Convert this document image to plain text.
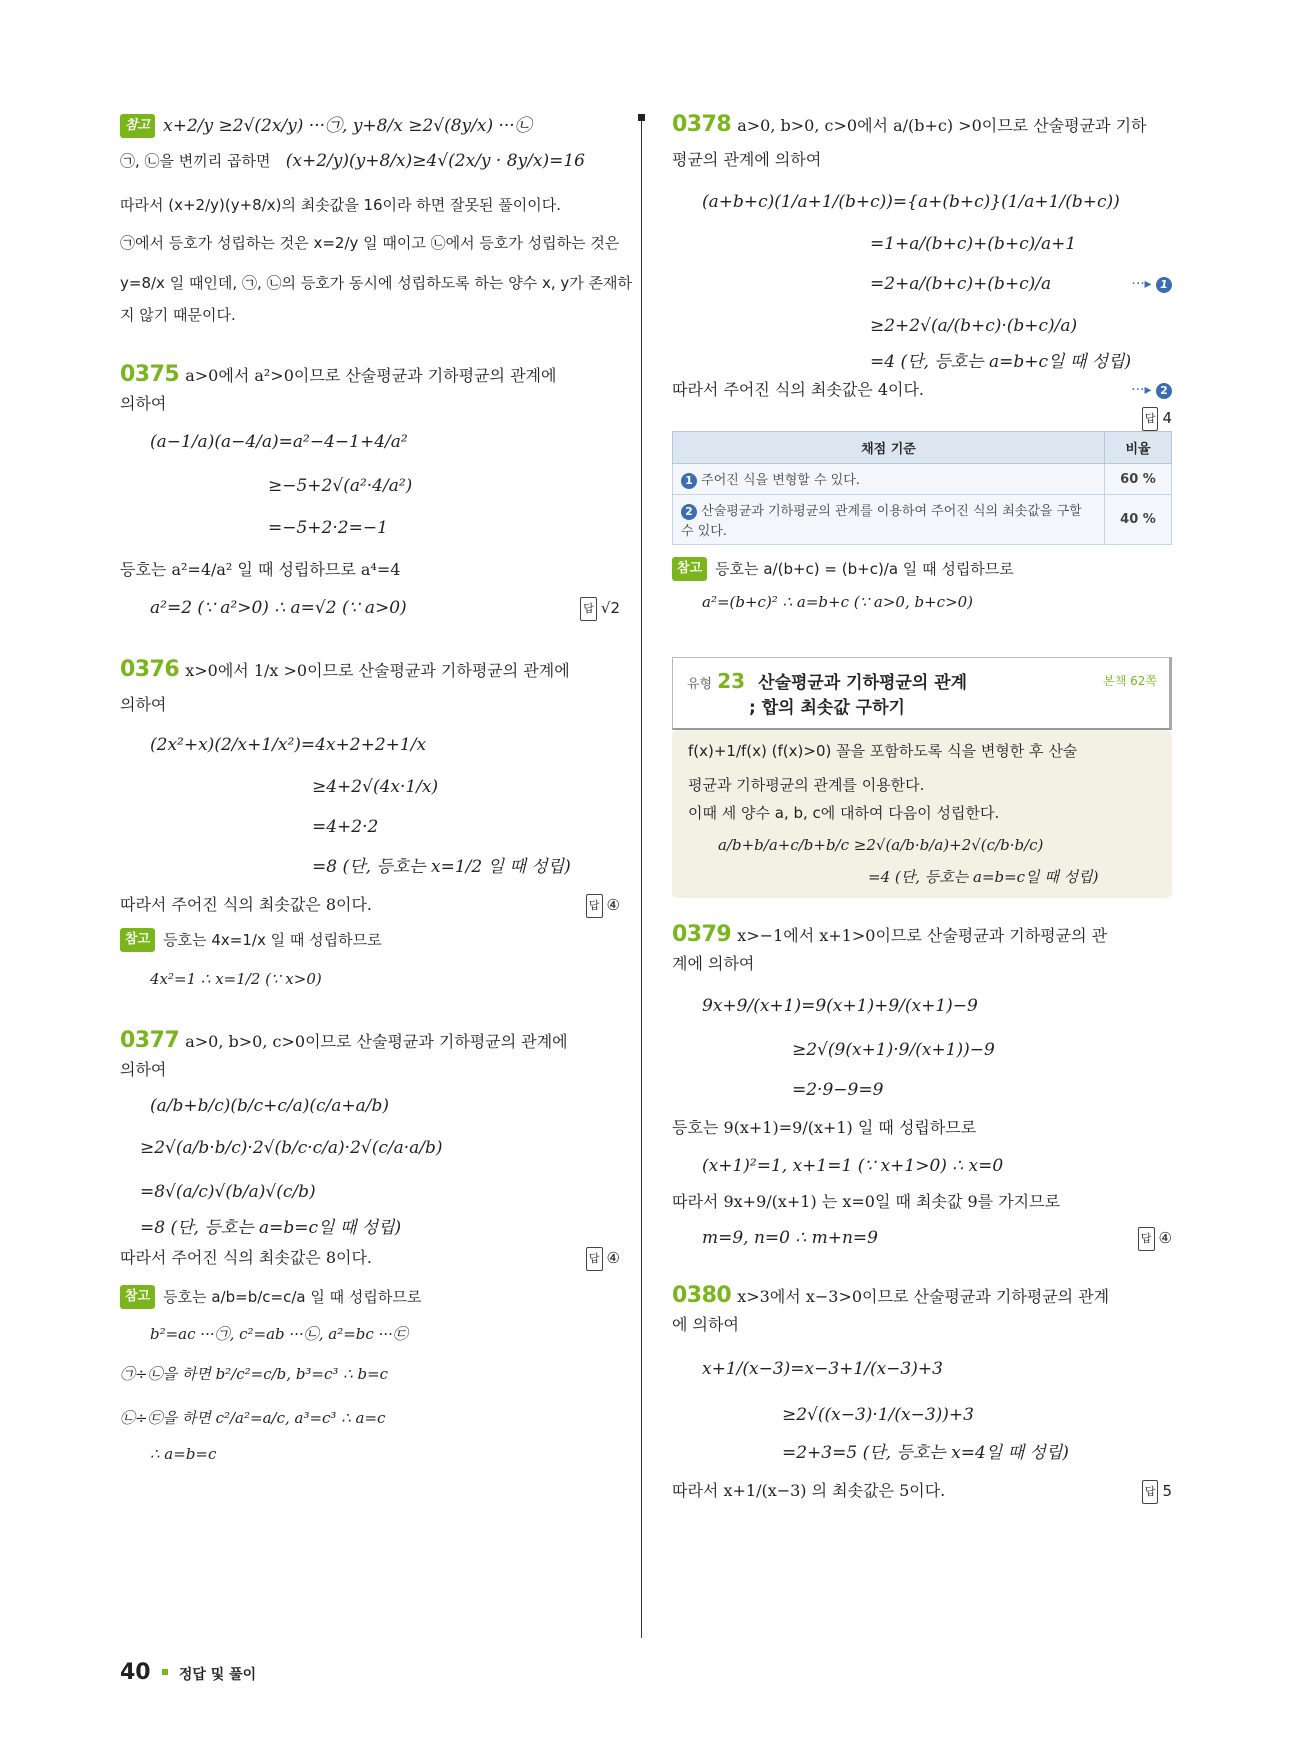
참고 x+2/y ≥2√(2x/y) ···㉠, y+8/x ≥2√(8y/x) ···㉡

㉠, ㉡을 변끼리 곱하면 (x+2/y)(y+8/x)≥4√(2x/y · 8y/x)=16

따라서 (x+2/y)(y+8/x)의 최솟값을 16이라 하면 잘못된 풀이이다.

㉠에서 등호가 성립하는 것은 x=2/y 일 때이고 ㉡에서 등호가 성립하는 것은

y=8/x 일 때인데, ㉠, ㉡의 등호가 동시에 성립하도록 하는 양수 x, y가 존재하

지 않기 때문이다.

0375 a>0에서 a²>0이므로 산술평균과 기하평균의 관계에

의하여

(a−1/a)(a−4/a)=a²−4−1+4/a²

≥−5+2√(a²·4/a²)

=−5+2·2=−1

등호는 a²=4/a² 일 때 성립하므로 a⁴=4

a²=2 (∵ a²>0) ∴ a=√2 (∵ a>0)	답 √2

0376 x>0에서 1/x >0이므로 산술평균과 기하평균의 관계에

의하여

(2x²+x)(2/x+1/x²)=4x+2+2+1/x

≥4+2√(4x·1/x)

=4+2·2

=8 (단, 등호는 x=1/2 일 때 성립)

따라서 주어진 식의 최솟값은 8이다.	답 ④

참고 등호는 4x=1/x 일 때 성립하므로

4x²=1 ∴ x=1/2 (∵ x>0)

0377 a>0, b>0, c>0이므로 산술평균과 기하평균의 관계에

의하여

(a/b+b/c)(b/c+c/a)(c/a+a/b)

≥2√(a/b·b/c)·2√(b/c·c/a)·2√(c/a·a/b)

=8√(a/c)√(b/a)√(c/b)

=8 (단, 등호는 a=b=c일 때 성립)

따라서 주어진 식의 최솟값은 8이다.	답 ④

참고 등호는 a/b=b/c=c/a 일 때 성립하므로

b²=ac ···㉠, c²=ab ···㉡, a²=bc ···㉢

㉠÷㉡을 하면 b²/c²=c/b, b³=c³ ∴ b=c

㉡÷㉢을 하면 c²/a²=a/c, a³=c³ ∴ a=c

∴ a=b=c

0378 a>0, b>0, c>0에서 a/(b+c) >0이므로 산술평균과 기하

평균의 관계에 의하여

(a+b+c)(1/a+1/(b+c))={a+(b+c)}(1/a+1/(b+c))

=1+a/(b+c)+(b+c)/a+1

=2+a/(b+c)+(b+c)/a	···▸ 1

≥2+2√(a/(b+c)·(b+c)/a)

=4 (단, 등호는 a=b+c일 때 성립)

따라서 주어진 식의 최솟값은 4이다.	···▸ 2

답 4

채점 기준	비율
1 주어진 식을 변형할 수 있다.	60 %
2 산술평균과 기하평균의 관계를 이용하여 주어진 식의 최솟값을 구할 수 있다.	40 %

참고 등호는 a/(b+c) = (b+c)/a 일 때 성립하므로

a²=(b+c)² ∴ a=b+c (∵ a>0, b+c>0)

유형 23 산술평균과 기하평균의 관계
; 합의 최솟값 구하기
본책 62쪽

f(x)+1/f(x) (f(x)>0) 꼴을 포함하도록 식을 변형한 후 산술

평균과 기하평균의 관계를 이용한다.

이때 세 양수 a, b, c에 대하여 다음이 성립한다.

a/b+b/a+c/b+b/c ≥2√(a/b·b/a)+2√(c/b·b/c)

=4 (단, 등호는 a=b=c일 때 성립)

0379 x>−1에서 x+1>0이므로 산술평균과 기하평균의 관

계에 의하여

9x+9/(x+1)=9(x+1)+9/(x+1)−9

≥2√(9(x+1)·9/(x+1))−9

=2·9−9=9

등호는 9(x+1)=9/(x+1) 일 때 성립하므로

(x+1)²=1, x+1=1 (∵ x+1>0) ∴ x=0

따라서 9x+9/(x+1) 는 x=0일 때 최솟값 9를 가지므로

m=9, n=0 ∴ m+n=9	답 ④

0380 x>3에서 x−3>0이므로 산술평균과 기하평균의 관계

에 의하여

x+1/(x−3)=x−3+1/(x−3)+3

≥2√((x−3)·1/(x−3))+3

=2+3=5 (단, 등호는 x=4일 때 성립)

따라서 x+1/(x−3) 의 최솟값은 5이다.	답 5

40 정답 및 풀이
